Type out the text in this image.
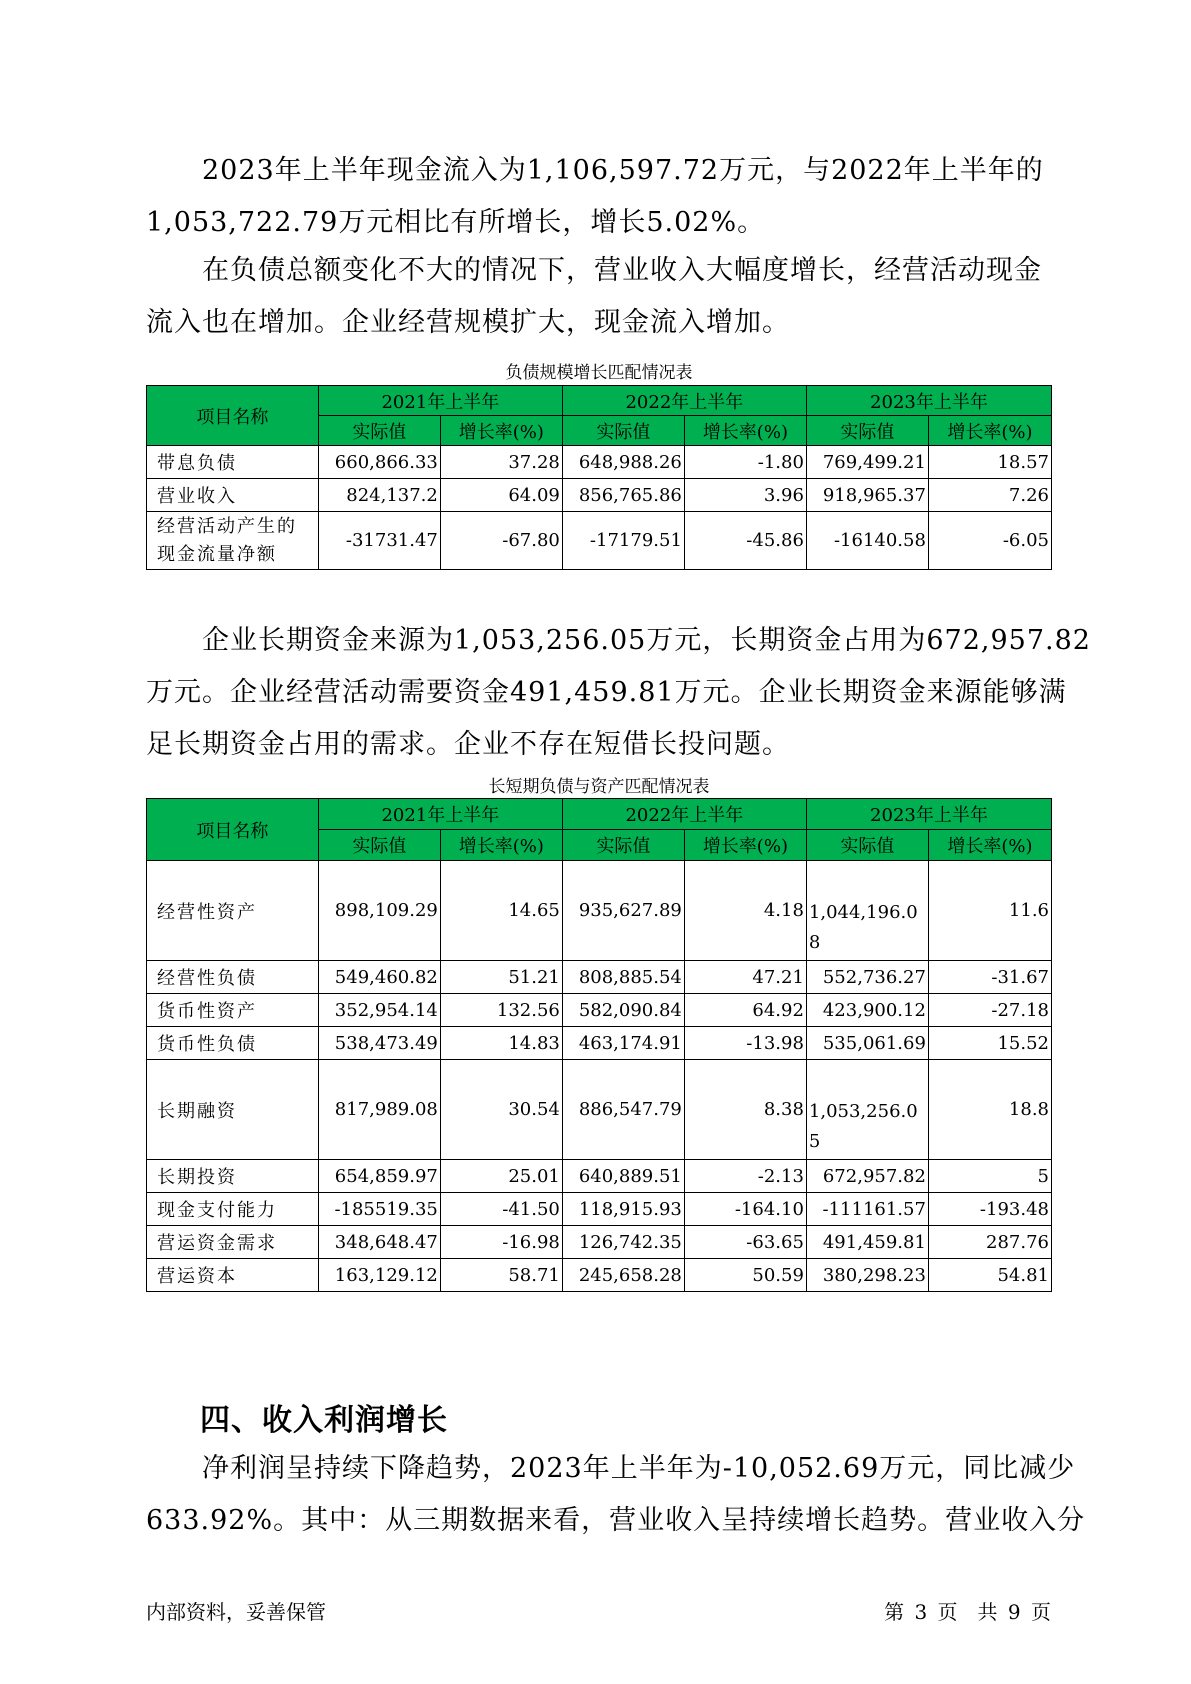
　　2023年上半年现金流入为1,106,597.72万元，与2022年上半年的
1,053,722.79万元相比有所增长，增长5.02%。
　　在负债总额变化不大的情况下，营业收入大幅度增长，经营活动现金
流入也在增加。企业经营规模扩大，现金流入增加。
负债规模增长匹配情况表
项目名称	2021年上半年		2022年上半年		2023年上半年	
	实际值	增长率(%)	实际值	增长率(%)	实际值	增长率(%)
带息负债	660,866.33	37.28	648,988.26	-1.80	769,499.21	18.57
营业收入	824,137.2	64.09	856,765.86	3.96	918,965.37	7.26
经营活动产生的现金流量净额	-31731.47	-67.80	-17179.51	-45.86	-16140.58	-6.05
　　企业长期资金来源为1,053,256.05万元，长期资金占用为672,957.82
万元。企业经营活动需要资金491,459.81万元。企业长期资金来源能够满
足长期资金占用的需求。企业不存在短借长投问题。
长短期负债与资产匹配情况表
项目名称	2021年上半年		2022年上半年		2023年上半年	
	实际值	增长率(%)	实际值	增长率(%)	实际值	增长率(%)
经营性资产	898,109.29	14.65	935,627.89	4.18	1,044,196.08	11.6
经营性负债	549,460.82	51.21	808,885.54	47.21	552,736.27	-31.67
货币性资产	352,954.14	132.56	582,090.84	64.92	423,900.12	-27.18
货币性负债	538,473.49	14.83	463,174.91	-13.98	535,061.69	15.52
长期融资	817,989.08	30.54	886,547.79	8.38	1,053,256.05	18.8
长期投资	654,859.97	25.01	640,889.51	-2.13	672,957.82	5
现金支付能力	-185519.35	-41.50	118,915.93	-164.10	-111161.57	-193.48
营运资金需求	348,648.47	-16.98	126,742.35	-63.65	491,459.81	287.76
营运资本	163,129.12	58.71	245,658.28	50.59	380,298.23	54.81
四、收入利润增长
　　净利润呈持续下降趋势，2023年上半年为-10,052.69万元，同比减少
633.92%。其中：从三期数据来看，营业收入呈持续增长趋势。营业收入分
内部资料，妥善保管	第 3 页　共 9 页
